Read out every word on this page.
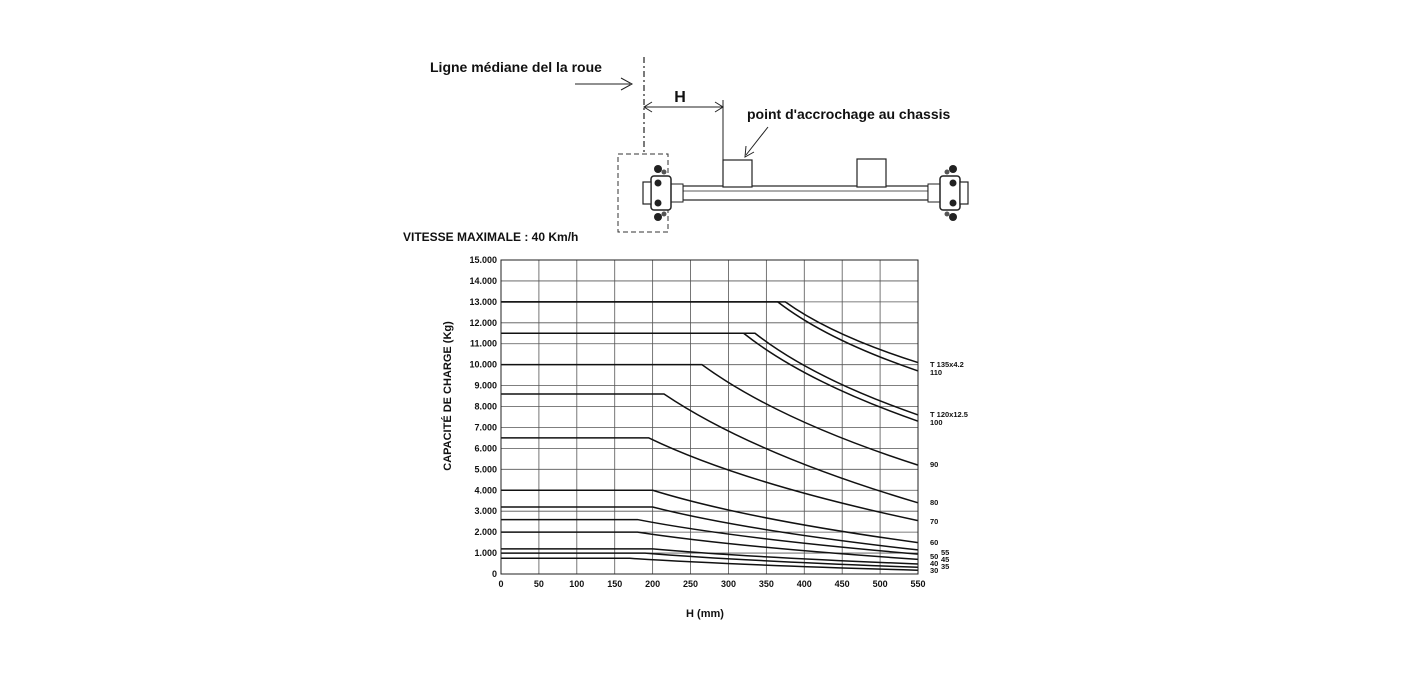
Ligne médiane del la roue
H
point d'accrochage au chassis
VITESSE MAXIMALE : 40 Km/h
CAPACITÉ DE CHARGE (Kg)
H (mm)
0	50	100	150	200	250	300	350	400	450	500	550
0
1.000
2.000
3.000
4.000
5.000
6.000
7.000
8.000
9.000
10.000
11.000
12.000
13.000
14.000
15.000
T 135x4.2
110
T 120x12.5
100
90
80
70
60
55
50 45
40 35
30
